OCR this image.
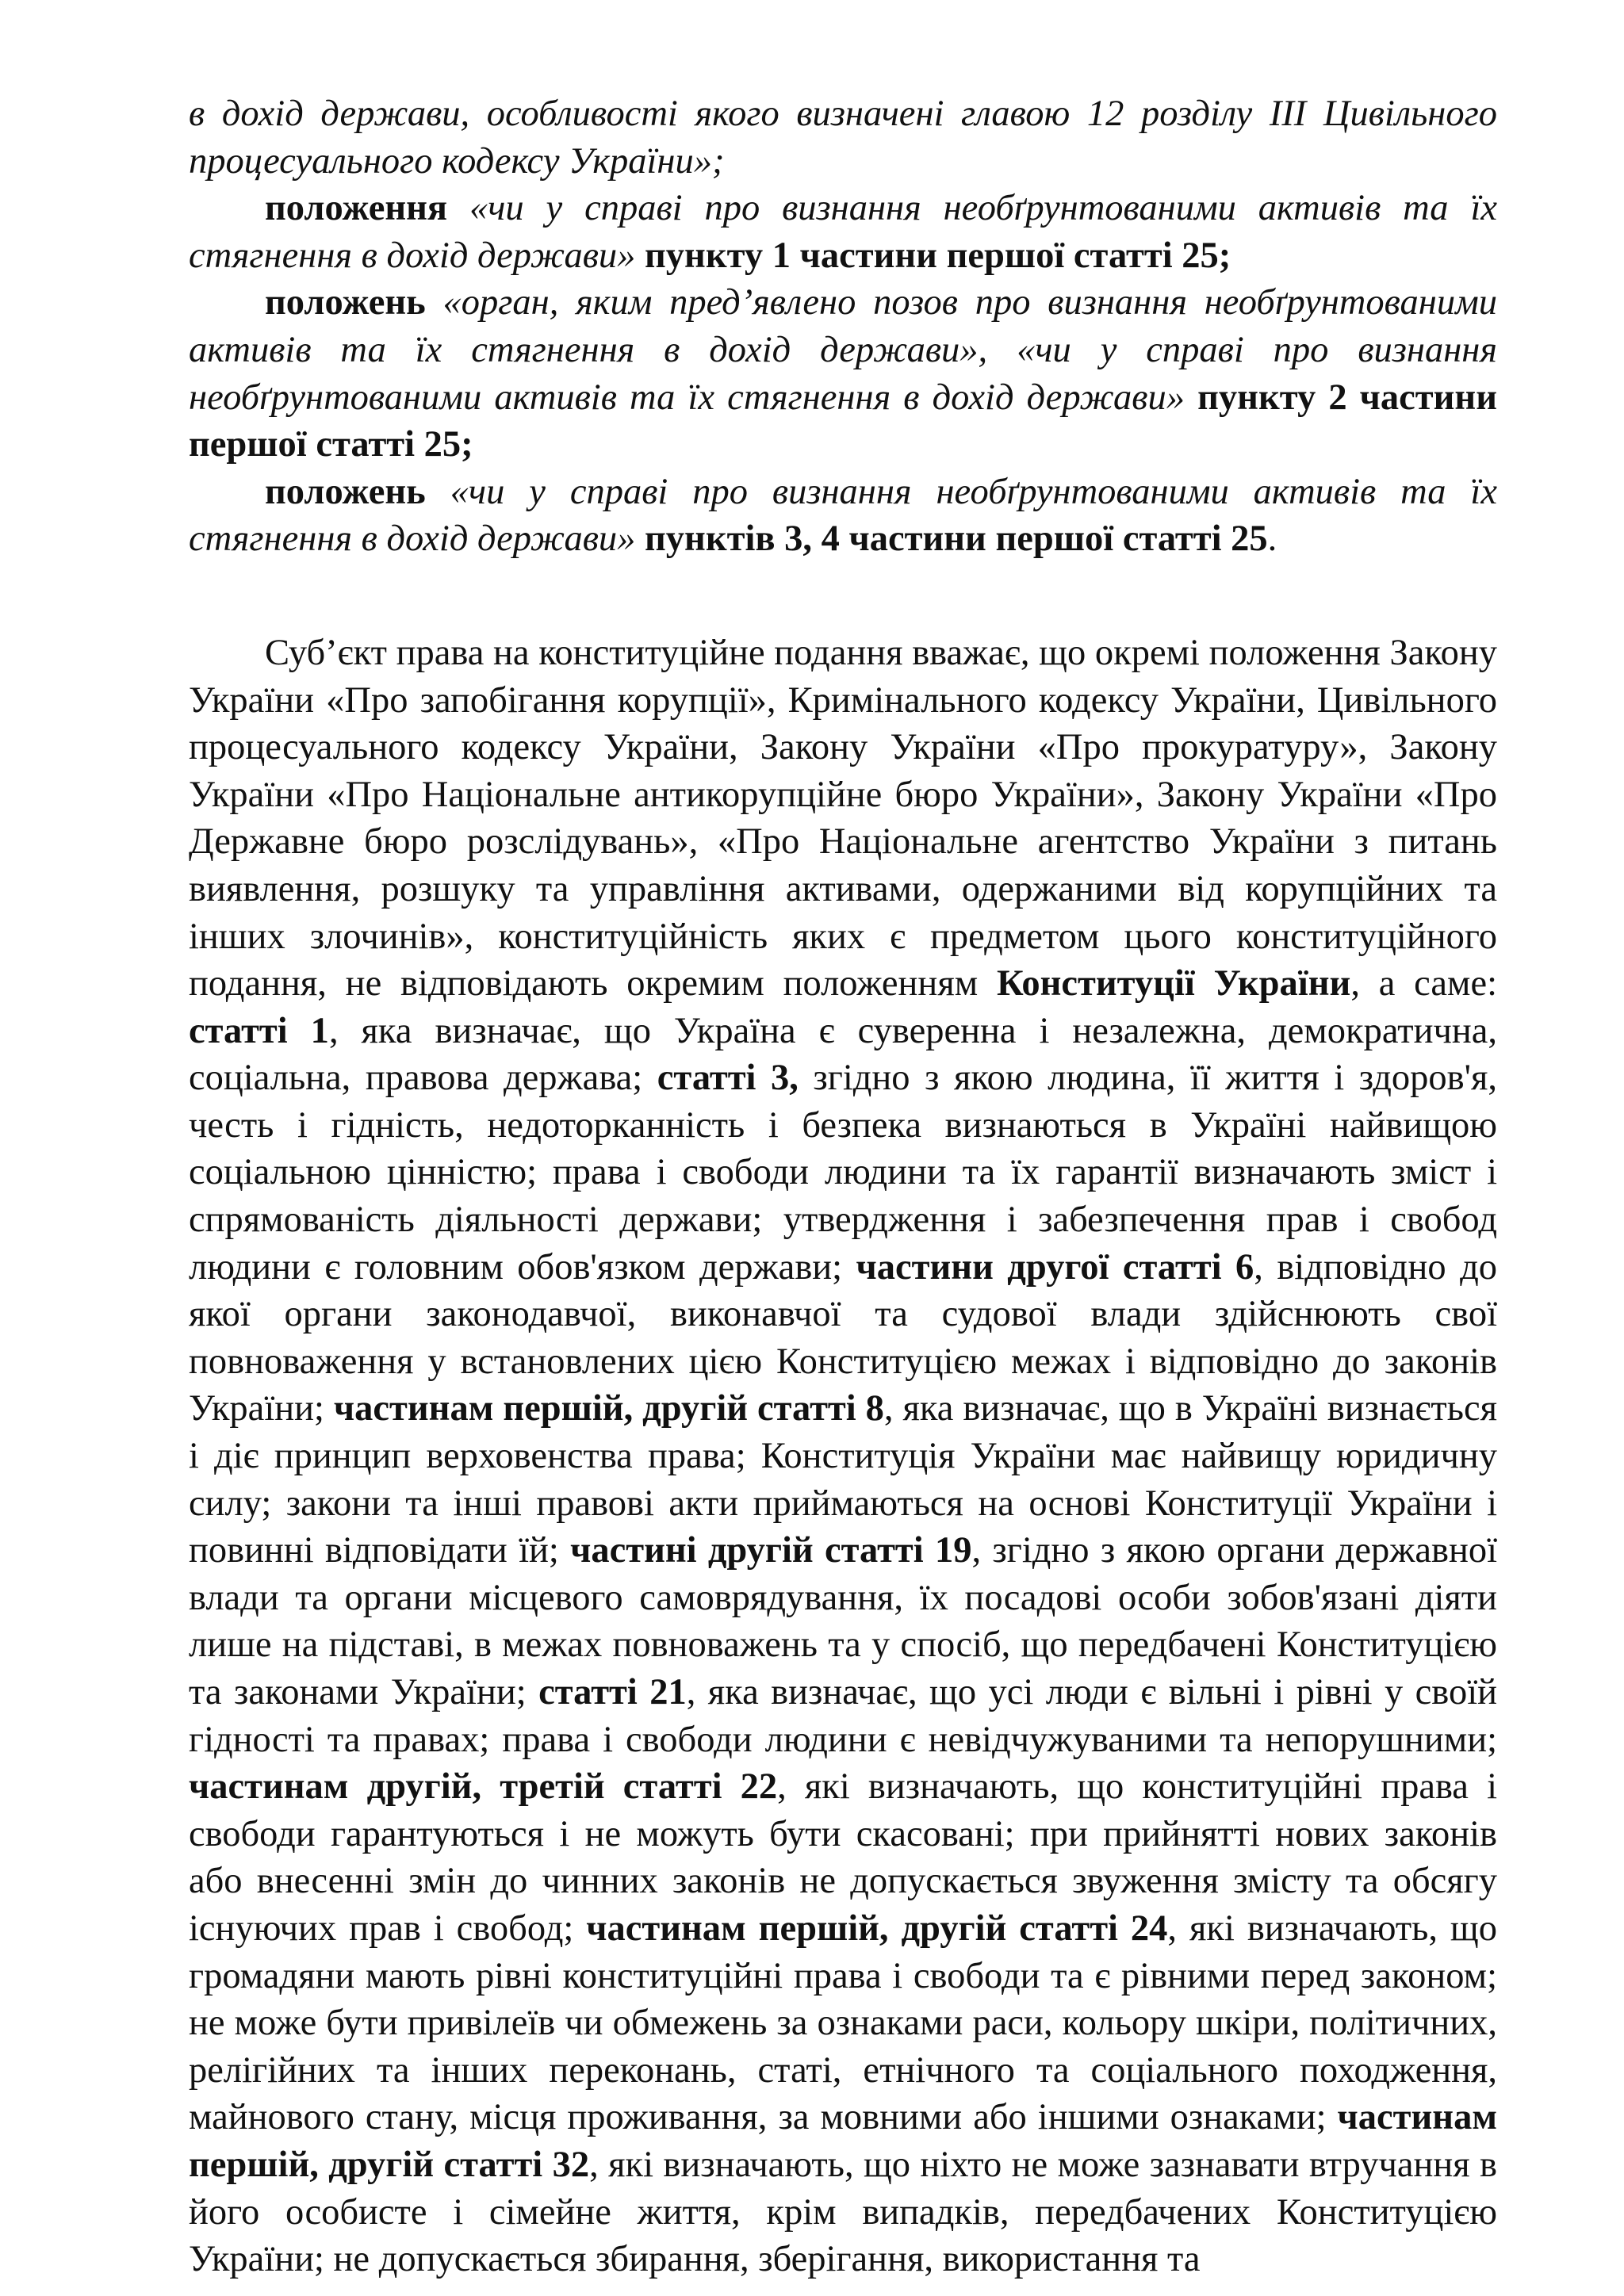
в дохід держави, особливості якого визначені главою 12 розділу III Цивільного процесуального кодексу України»;

положення «чи у справі про визнання необґрунтованими активів та їх стягнення в дохід держави» пункту 1 частини першої статті 25;

положень «орган, яким пред’явлено позов про визнання необґрунтованими активів та їх стягнення в дохід держави», «чи у справі про визнання необґрунтованими активів та їх стягнення в дохід держави» пункту 2 частини першої статті 25;

положень «чи у справі про визнання необґрунтованими активів та їх стягнення в дохід держави» пунктів 3, 4 частини першої статті 25.

Суб’єкт права на конституційне подання вважає, що окремі положення Закону України «Про запобігання корупції», Кримінального кодексу України, Цивільного процесуального кодексу України, Закону України «Про прокуратуру», Закону України «Про Національне антикорупційне бюро України», Закону України «Про Державне бюро розслідувань», «Про Національне агентство України з питань виявлення, розшуку та управління активами, одержаними від корупційних та інших злочинів», конституційність яких є предметом цього конституційного подання, не відповідають окремим положенням Конституції України, а саме: статті 1, яка визначає, що Україна є суверенна і незалежна, демократична, соціальна, правова держава; статті 3, згідно з якою людина, її життя і здоров'я, честь і гідність, недоторканність і безпека визнаються в Україні найвищою соціальною цінністю; права і свободи людини та їх гарантії визначають зміст і спрямованість діяльності держави; утвердження і забезпечення прав і свобод людини є головним обов'язком держави; частини другої статті 6, відповідно до якої органи законодавчої, виконавчої та судової влади здійснюють свої повноваження у встановлених цією Конституцією межах і відповідно до законів України; частинам першій, другій статті 8, яка визначає, що в Україні визнається і діє принцип верховенства права; Конституція України має найвищу юридичну силу; закони та інші правові акти приймаються на основі Конституції України і повинні відповідати їй; частині другій статті 19, згідно з якою органи державної влади та органи місцевого самоврядування, їх посадові особи зобов'язані діяти лише на підставі, в межах повноважень та у спосіб, що передбачені Конституцією та законами України; статті 21, яка визначає, що усі люди є вільні і рівні у своїй гідності та правах; права і свободи людини є невідчужуваними та непорушними; частинам другій, третій статті 22, які визначають, що конституційні права і свободи гарантуються і не можуть бути скасовані; при прийнятті нових законів або внесенні змін до чинних законів не допускається звуження змісту та обсягу існуючих прав і свобод; частинам першій, другій статті 24, які визначають, що громадяни мають рівні конституційні права і свободи та є рівними перед законом; не може бути привілеїв чи обмежень за ознаками раси, кольору шкіри, політичних, релігійних та інших переконань, статі, етнічного та соціального походження, майнового стану, місця проживання, за мовними або іншими ознаками; частинам першій, другій статті 32, які визначають, що ніхто не може зазнавати втручання в його особисте і сімейне життя, крім випадків, передбачених Конституцією України; не допускається збирання, зберігання, використання та
